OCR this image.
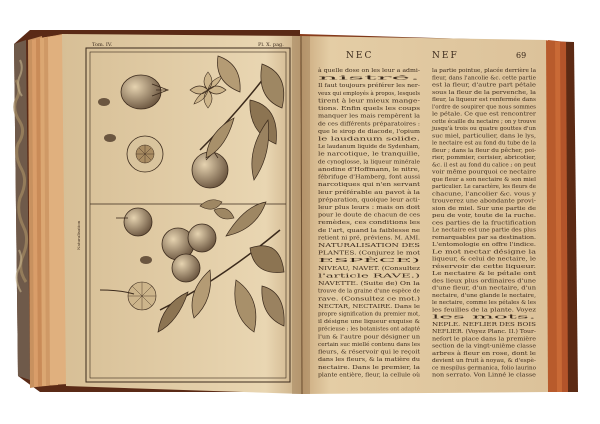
Tom. IV.	Pl. X. pag.
Naturalisation
NEC	NEF	69
à quelle dose on les leur a admi-
nistré.
Il faut toujours préférer les ner-
veux qui employés à propos, lesquels
tirent à leur mieux mange-
tions. Enfin quels les coups
manquer les mais rempèrent la
de ces différents préparatoires :
que le sirop de diacode, l'opium
le laudanum solide.
Le laudanum liquide de Sydenham,
le narcotique, le tranquille,
de cynoglosse, la liqueur minérale
anodine d'Hoffmann, le nitre,
fébrifuge d'Hamberg, font aussi
narcotiques qui n'en servant
leur préférable au pavot à la
préparation, quoique leur acti-
leur plus leurs : mais on doit
pour le doute de chacun de ces
remèdes, ces conditions les
de l'art, quand la faiblesse ne
retient ni pré, préviens. M. AMI.
NATURALISATION DES
PLANTES. (Conjurez le mot
ESPÈCE)
NIVEAU, NAVET. (Consultez
l'article RAVE.)
NAVETTE. (Suite de) On la
trouve de la graine d'une espèce de
rave. (Consultez ce mot.)
NECTAR, NECTAIRE. Dans le
propre signification du premier mot,
il désigne une liqueur exquise &
précieuse ; les botanistes ont adapté
l'un & l'autre pour désigner un
certain suc miellé contenu dans les
fleurs, & réservoir qui le reçoit
dans les fleurs, & la matière du
nectaire. Dans le premier, la
plante entière, fleur, la cellule où
la partie pointue, placée derrière la
fleur, dans l'ancolie &c. cette partie
est la fleur, d'autre part pétale
sous la fleur de la pervenche, la
fleur, la liqueur est renfermée dans
l'ordre de soupirer que nous sommes
le pétale. Ce que est rencontrer
cette écaille du nectaire ; on y trouve
jusqu'à trois ou quatre gouttes d'un
suc miel, particulier, dans le lys,
le nectaire est au fond du tube de la
fleur ; dans la fleur du pêcher, poi-
rier, pommier, cerisier, abricotier,
&c. il est au fond du calice ; on peut
voir même pourquoi ce nectaire
que fleur a son nectaire & son miel
particulier. Le caractère, les fleurs de
chacune, l'ancolier &c. vous y
trouverez une abondante provi-
sion de miel. Sur une partie de
peu de voir, toute de la ruche.
ces parties de la fructification
Le nectaire est une partie des plus
remarquables par sa destination.
L'entomologie en offre l'indice.
Le mot nectar désigne la
liqueur, & celui de nectaire, le
réservoir de cette liqueur.
Le nectaire & le pétale ont
des lieux plus ordinaires d'une
d'une fleur, d'un nectaire, d'un
nectaire, d'une glande le nectaire,
le nectaire, comme les pétales & les
les feuilles de la plante. Voyez
les mots.
NEPLE. NEFLIER DES BOIS
NEFLIER. (Voyez Planc. II.) Tour-
nefort le place dans la première
section de la vingt-unième classe
arbres à fleur en rose, dont le
devient un fruit à noyau, & d'espè-
ce mespilus germanica, folio laurino
non serrato. Von Linné le classe
